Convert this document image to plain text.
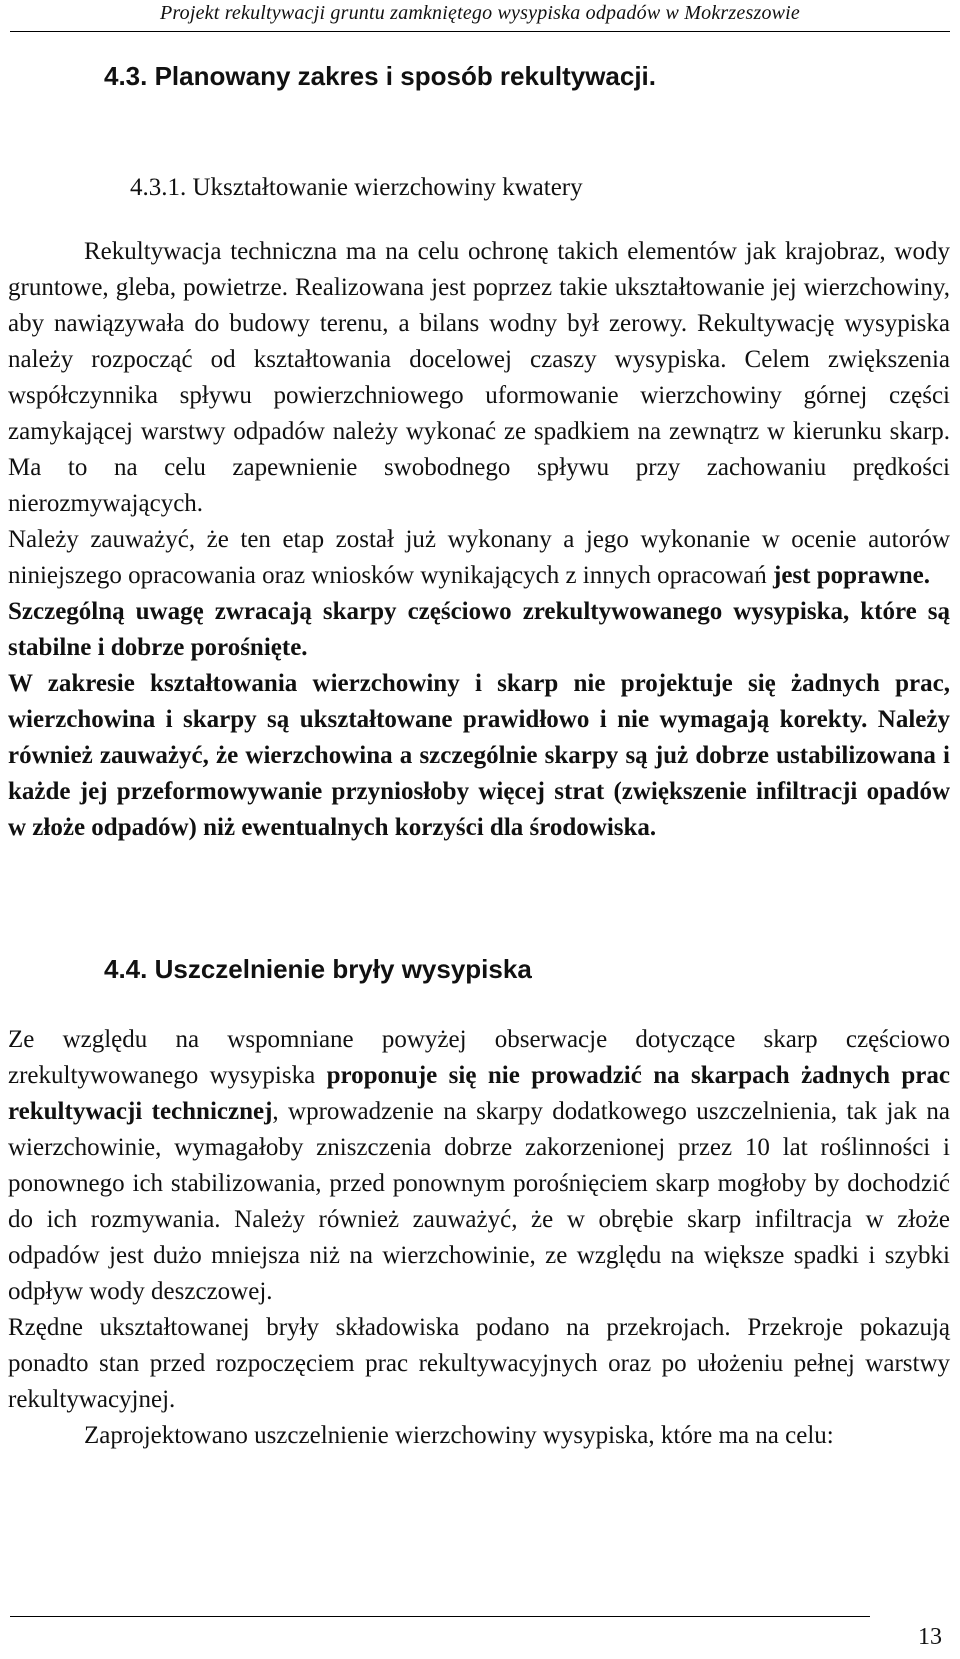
Projekt rekultywacji gruntu zamkniętego wysypiska odpadów w Mokrzeszowie
4.3. Planowany zakres i sposób rekultywacji.
4.3.1. Ukształtowanie wierzchowiny kwatery

Rekultywacja techniczna ma na celu ochronę takich elementów jak krajobraz, wody gruntowe, gleba, powietrze. Realizowana jest poprzez takie ukształtowanie jej wierzchowiny, aby nawiązywała do budowy terenu, a bilans wodny był zerowy. Rekultywację wysypiska należy rozpocząć od kształtowania docelowej czaszy wysypiska. Celem zwiększenia współczynnika spływu powierzchniowego uformowanie wierzchowiny górnej części zamykającej warstwy odpadów należy wykonać ze spadkiem na zewnątrz w kierunku skarp. Ma to na celu zapewnienie swobodnego spływu przy zachowaniu prędkości nierozmywających.

Należy zauważyć, że ten etap został już wykonany a jego wykonanie w ocenie autorów niniejszego opracowania oraz wniosków wynikających z innych opracowań jest poprawne.

Szczególną uwagę zwracają skarpy częściowo zrekultywowanego wysypiska, które są stabilne i dobrze porośnięte.

W zakresie kształtowania wierzchowiny i skarp nie projektuje się żadnych prac, wierzchowina i skarpy są ukształtowane prawidłowo i nie wymagają korekty. Należy również zauważyć, że wierzchowina a szczególnie skarpy są już dobrze ustabilizowana i każde jej przeformowywanie przyniosłoby więcej strat (zwiększenie infiltracji opadów w złoże odpadów) niż ewentualnych korzyści dla środowiska.

4.4. Uszczelnienie bryły wysypiska

Ze względu na wspomniane powyżej obserwacje dotyczące skarp częściowo zrekultywowanego wysypiska proponuje się nie prowadzić na skarpach żadnych prac rekultywacji technicznej, wprowadzenie na skarpy dodatkowego uszczelnienia, tak jak na wierzchowinie, wymagałoby zniszczenia dobrze zakorzenionej przez 10 lat roślinności i ponownego ich stabilizowania, przed ponownym porośnięciem skarp mogłoby by dochodzić do ich rozmywania. Należy również zauważyć, że w obrębie skarp infiltracja w złoże odpadów jest dużo mniejsza niż na wierzchowinie, ze względu na większe spadki i szybki odpływ wody deszczowej.

Rzędne ukształtowanej bryły składowiska podano na przekrojach. Przekroje pokazują ponadto stan przed rozpoczęciem prac rekultywacyjnych oraz po ułożeniu pełnej warstwy rekultywacyjnej.

Zaprojektowano uszczelnienie wierzchowiny wysypiska, które ma na celu:

13
